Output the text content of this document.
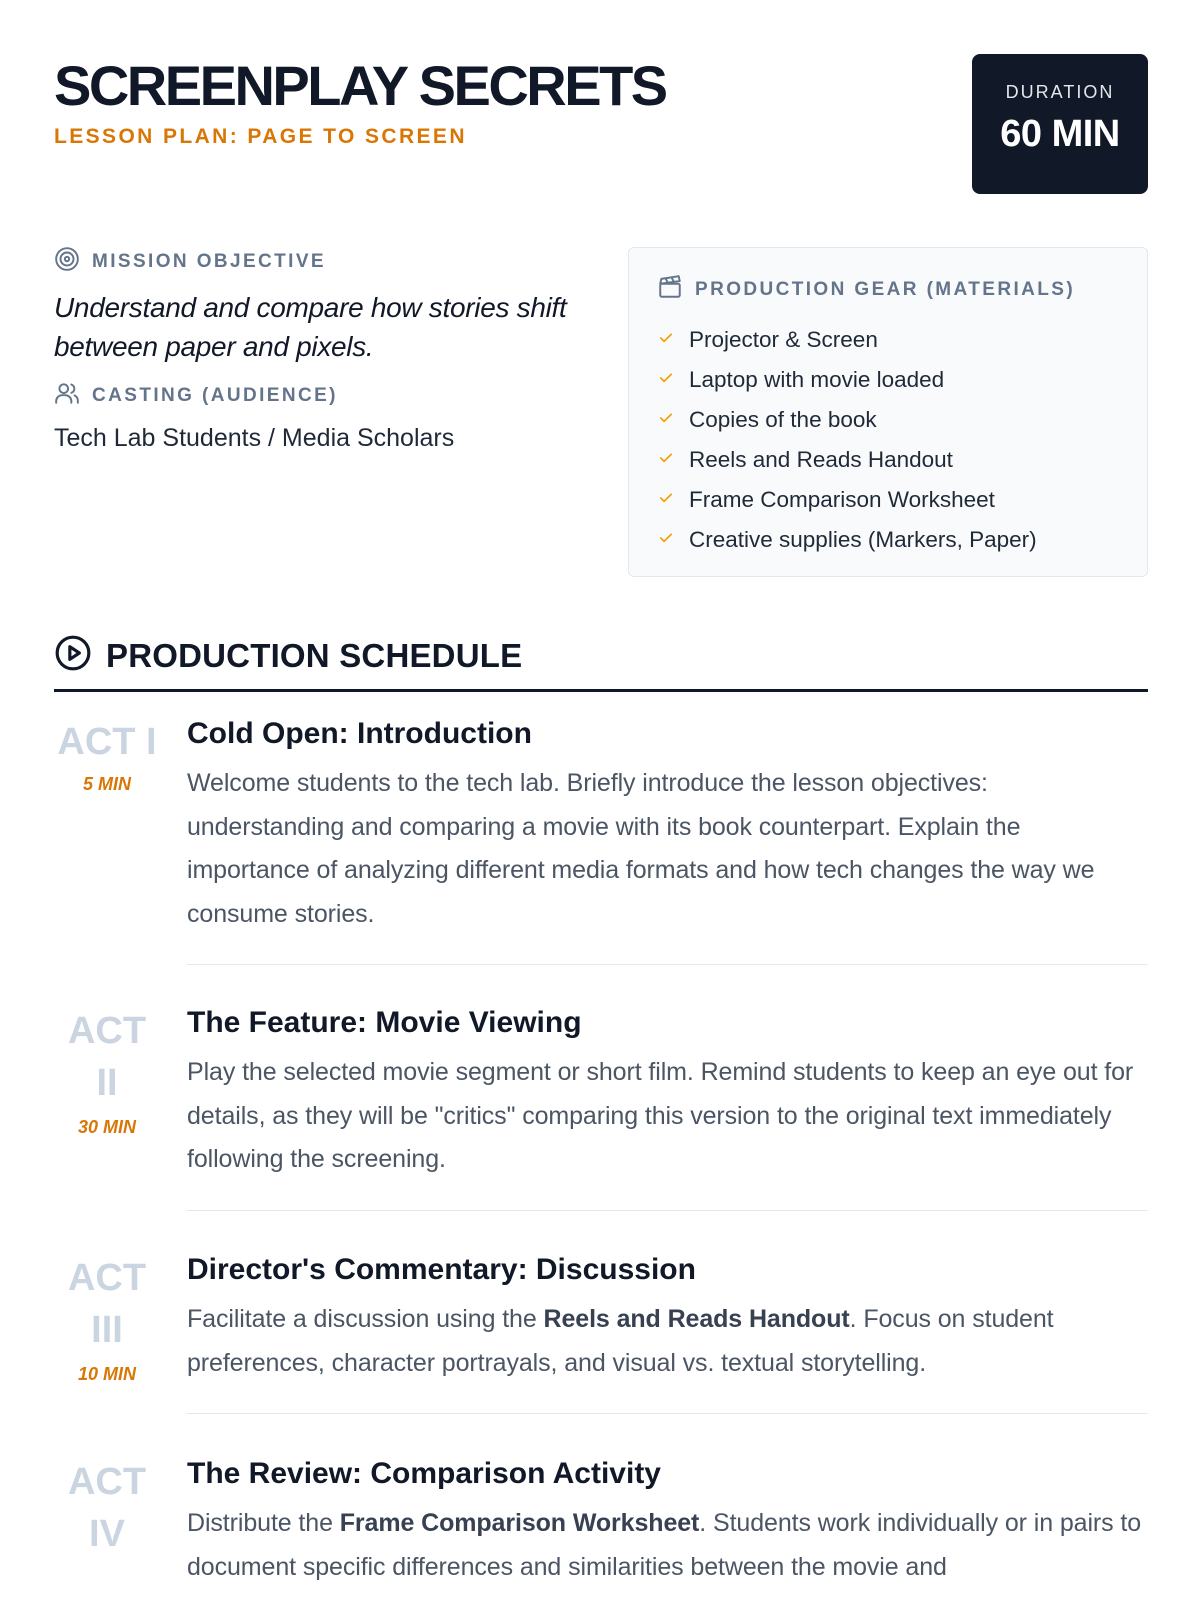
SCREENPLAY SECRETS
LESSON PLAN: PAGE TO SCREEN
DURATION
60 MIN
MISSION OBJECTIVE
Understand and compare how stories shift between paper and pixels.
CASTING (AUDIENCE)
Tech Lab Students / Media Scholars
PRODUCTION GEAR (MATERIALS)
Projector & Screen
Laptop with movie loaded
Copies of the book
Reels and Reads Handout
Frame Comparison Worksheet
Creative supplies (Markers, Paper)
PRODUCTION SCHEDULE
ACT I
5 MIN
Cold Open: Introduction
Welcome students to the tech lab. Briefly introduce the lesson objectives: understanding and comparing a movie with its book counterpart. Explain the importance of analyzing different media formats and how tech changes the way we consume stories.
ACT II
30 MIN
The Feature: Movie Viewing
Play the selected movie segment or short film. Remind students to keep an eye out for details, as they will be "critics" comparing this version to the original text immediately following the screening.
ACT III
10 MIN
Director's Commentary: Discussion
Facilitate a discussion using the Reels and Reads Handout. Focus on student preferences, character portrayals, and visual vs. textual storytelling.
ACT IV
The Review: Comparison Activity
Distribute the Frame Comparison Worksheet. Students work individually or in pairs to document specific differences and similarities between the movie and
